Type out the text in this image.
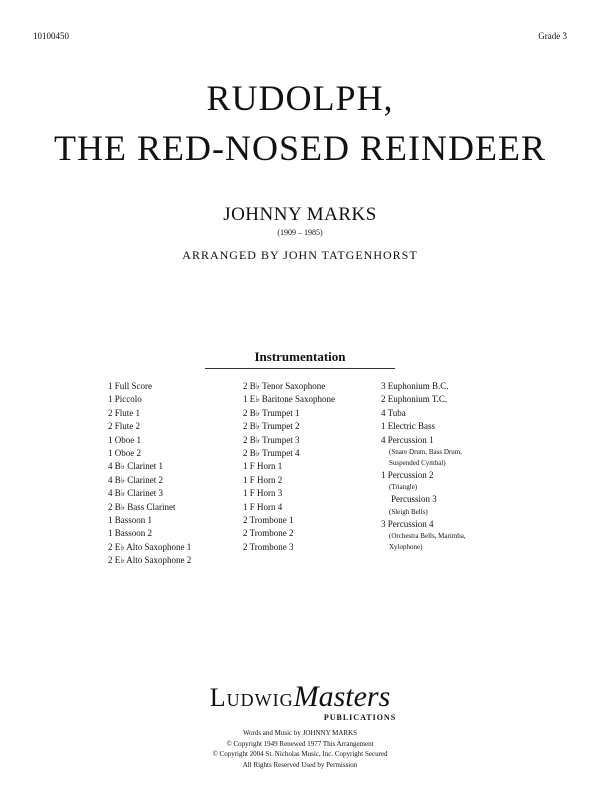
10100450	Grade 3
RUDOLPH,
THE RED-NOSED REINDEER
JOHNNY MARKS
(1909 – 1985)
ARRANGED BY JOHN TATGENHORST
Instrumentation
1 Full Score
1 Piccolo
2 Flute 1
2 Flute 2
1 Oboe 1
1 Oboe 2
4 B♭ Clarinet 1
4 B♭ Clarinet 2
4 B♭ Clarinet 3
2 B♭ Bass Clarinet
1 Bassoon 1
1 Bassoon 2
2 E♭ Alto Saxophone 1
2 E♭ Alto Saxophone 2
2 B♭ Tenor Saxophone
1 E♭ Baritone Saxophone
2 B♭ Trumpet 1
2 B♭ Trumpet 2
2 B♭ Trumpet 3
2 B♭ Trumpet 4
1 F Horn 1
1 F Horn 2
1 F Horn 3
1 F Horn 4
2 Trombone 1
2 Trombone 2
2 Trombone 3
3 Euphonium B.C.
2 Euphonium T.C.
4 Tuba
1 Electric Bass
4 Percussion 1
(Snare Drum, Bass Drum,
Suspended Cymbal)
1 Percussion 2
(Triangle)
Percussion 3
(Sleigh Bells)
3 Percussion 4
(Orchestra Bells, Marimba,
Xylophone)
LudwigMasters
PUBLICATIONS
Words and Music by JOHNNY MARKS
© Copyright 1949 Renewed 1977 This Arrangement
© Copyright 2004 St. Nicholas Music, Inc. Copyright Secured
All Rights Reserved Used by Permission
